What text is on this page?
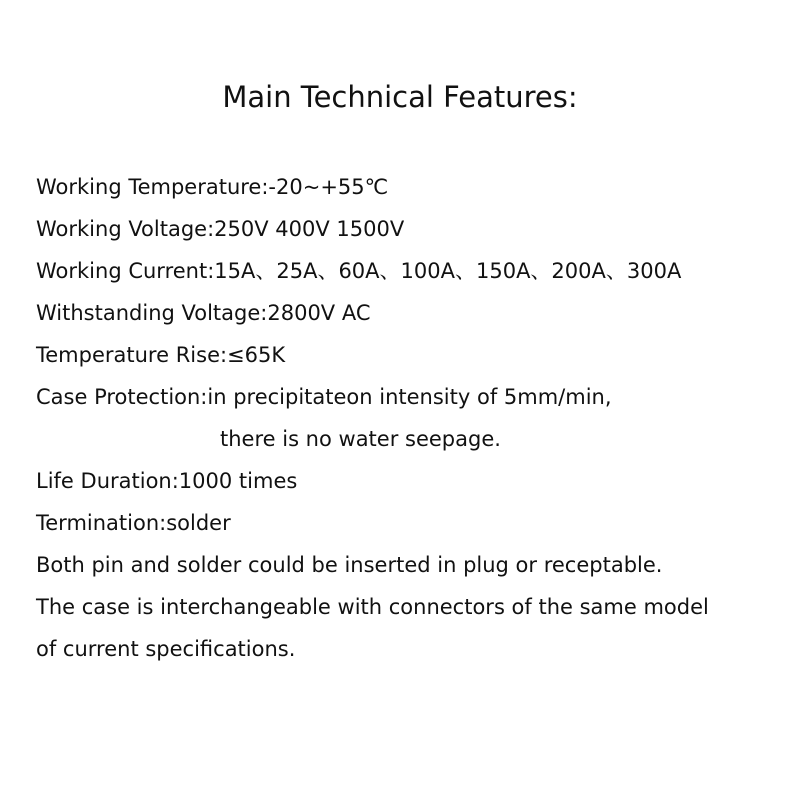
Main Technical Features:
Working Temperature:-20~+55℃
Working Voltage:250V 400V 1500V
Working Current:15A、25A、60A、100A、150A、200A、300A
Withstanding Voltage:2800V AC
Temperature Rise:≤65K
Case Protection:in precipitateon intensity of 5mm/min,
there is no water seepage.
Life Duration:1000 times
Termination:solder
Both pin and solder could be inserted in plug or receptable.
The case is interchangeable with connectors of the same model
of current specifications.
